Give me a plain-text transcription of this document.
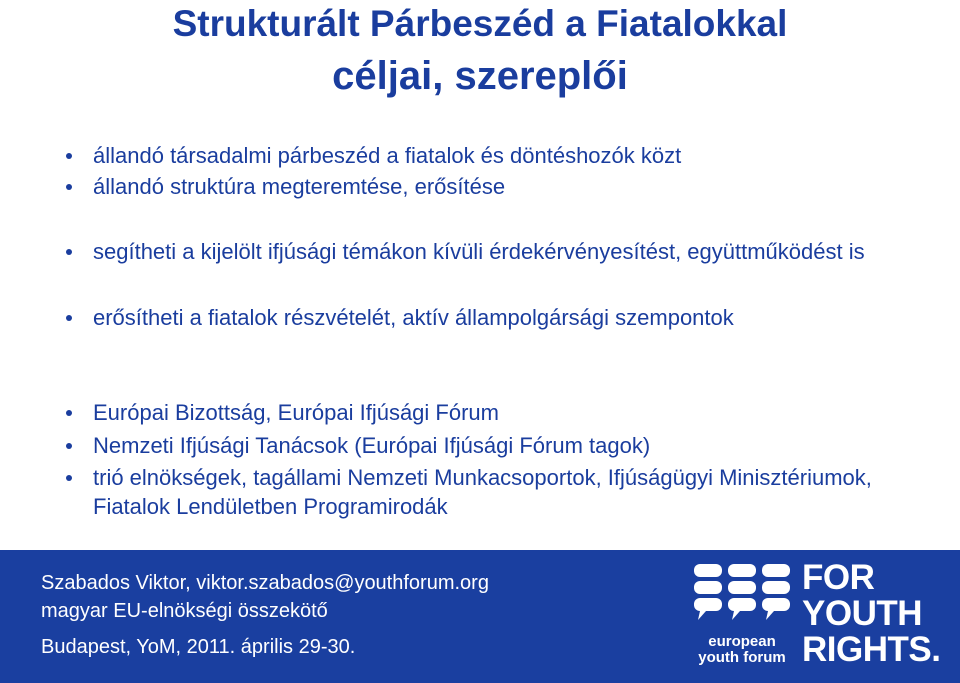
Strukturált Párbeszéd a Fiatalokkal
céljai, szereplői
állandó társadalmi párbeszéd a fiatalok és döntéshozók közt
állandó struktúra megteremtése, erősítése
segítheti a kijelölt ifjúsági témákon kívüli érdekérvényesítést, együttműködést is
erősítheti a fiatalok részvételét, aktív állampolgársági szempontok
Európai Bizottság, Európai Ifjúsági Fórum
Nemzeti Ifjúsági Tanácsok (Európai Ifjúsági Fórum tagok)
trió elnökségek, tagállami Nemzeti Munkacsoportok, Ifjúságügyi Minisztériumok, Fiatalok Lendületben Programirodák
Szabados Viktor, viktor.szabados@youthforum.org
magyar EU-elnökségi összekötő
Budapest, YoM, 2011. április 29-30.	european
youth forum
FOR
YOUTH
RIGHTS.
